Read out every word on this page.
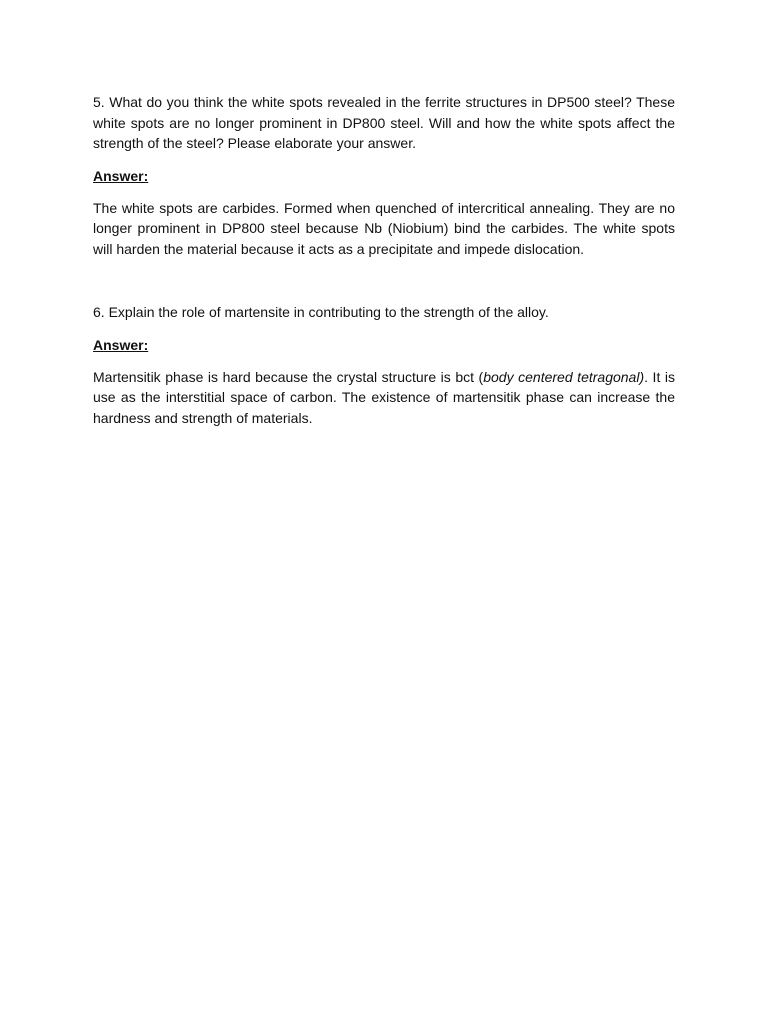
5. What do you think the white spots revealed in the ferrite structures in DP500 steel? These white spots are no longer prominent in DP800 steel. Will and how the white spots affect the strength of the steel? Please elaborate your answer.

Answer:

The white spots are carbides. Formed when quenched of intercritical annealing. They are no longer prominent in DP800 steel because Nb (Niobium) bind the carbides. The white spots will harden the material because it acts as a precipitate and impede dislocation.

6. Explain the role of martensite in contributing to the strength of the alloy.

Answer:

Martensitik phase is hard because the crystal structure is bct (body centered tetragonal). It is use as the interstitial space of carbon. The existence of martensitik phase can increase the hardness and strength of materials.
